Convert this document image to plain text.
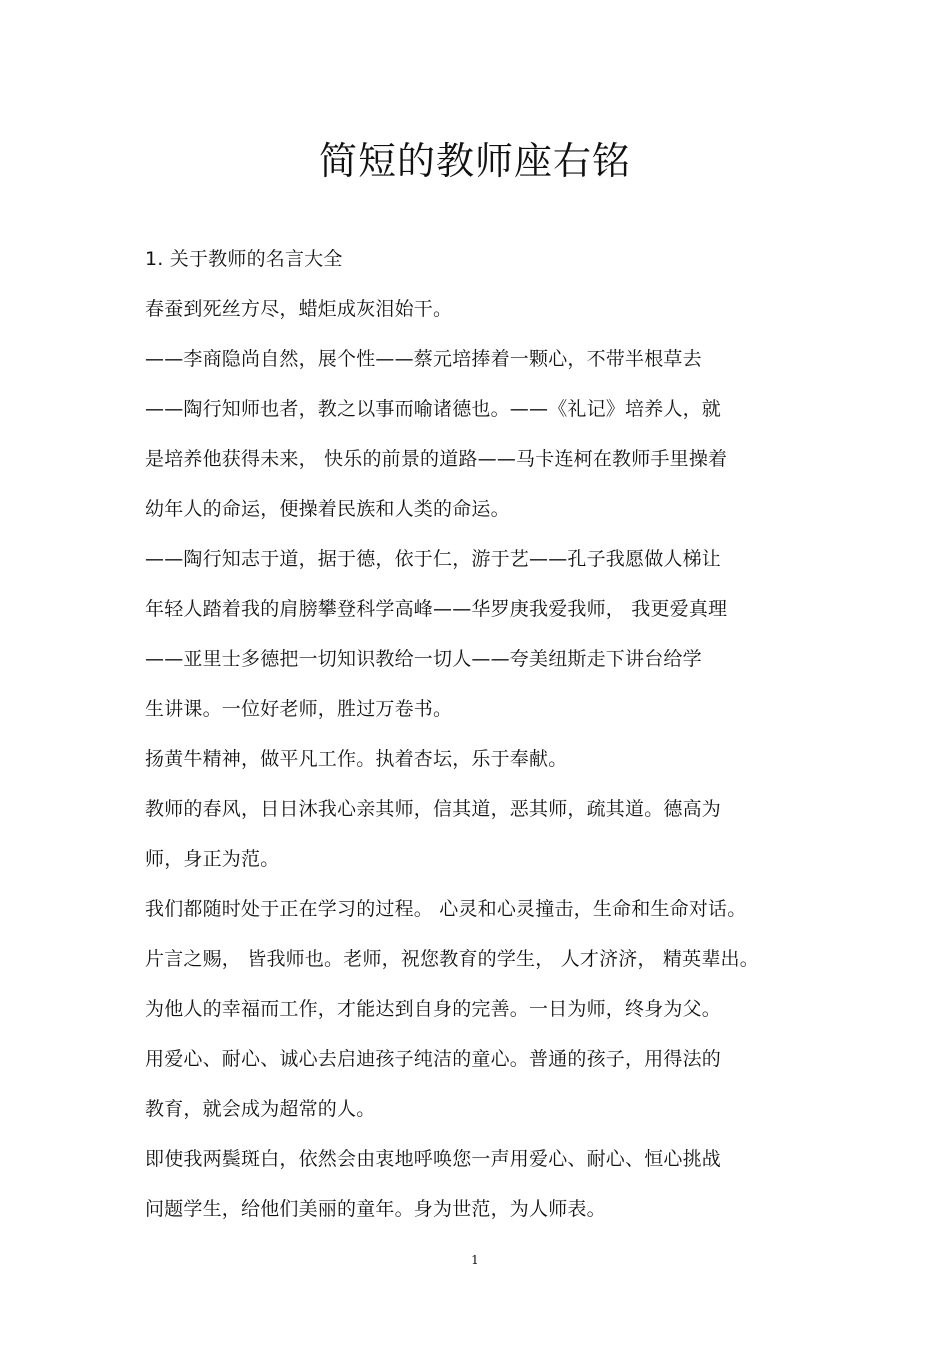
简短的教师座右铭
1. 关于教师的名言大全
春蚕到死丝方尽，蜡炬成灰泪始干。
——李商隐尚自然，展个性——蔡元培捧着一颗心，不带半根草去
——陶行知师也者，教之以事而喻诸德也。——《礼记》培养人，就
是培养他获得未来， 快乐的前景的道路——马卡连柯在教师手里操着
幼年人的命运，便操着民族和人类的命运。
——陶行知志于道，据于德，依于仁，游于艺——孔子我愿做人梯让
年轻人踏着我的肩膀攀登科学高峰——华罗庚我爱我师， 我更爱真理
——亚里士多德把一切知识教给一切人——夸美纽斯走下讲台给学
生讲课。一位好老师，胜过万卷书。
扬黄牛精神，做平凡工作。执着杏坛，乐于奉献。
教师的春风，日日沐我心亲其师，信其道，恶其师，疏其道。德高为
师，身正为范。
我们都随时处于正在学习的过程。 心灵和心灵撞击，生命和生命对话。
片言之赐， 皆我师也。老师，祝您教育的学生， 人才济济， 精英辈出。
为他人的幸福而工作，才能达到自身的完善。一日为师，终身为父。
用爱心、耐心、诚心去启迪孩子纯洁的童心。普通的孩子，用得法的
教育，就会成为超常的人。
即使我两鬓斑白，依然会由衷地呼唤您一声用爱心、耐心、恒心挑战
问题学生，给他们美丽的童年。身为世范，为人师表。
1
